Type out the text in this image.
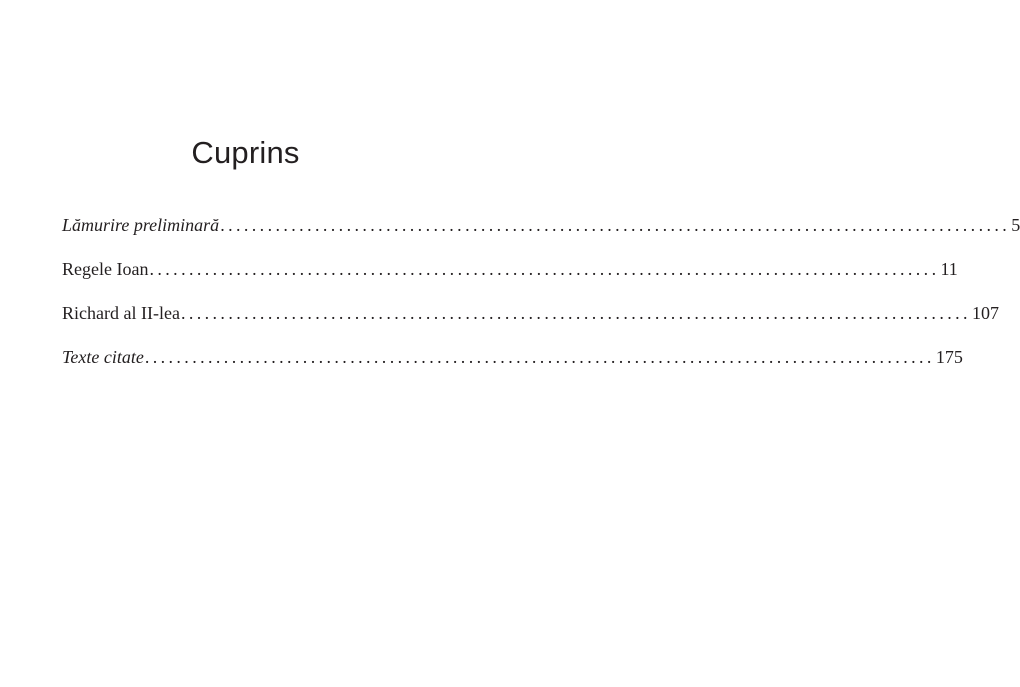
Cuprins
Lămurire preliminară .................................................................................................... 5
Regele Ioan .................................................................................................... 11
Richard al II-lea .................................................................................................... 107
Texte citate .................................................................................................... 175
